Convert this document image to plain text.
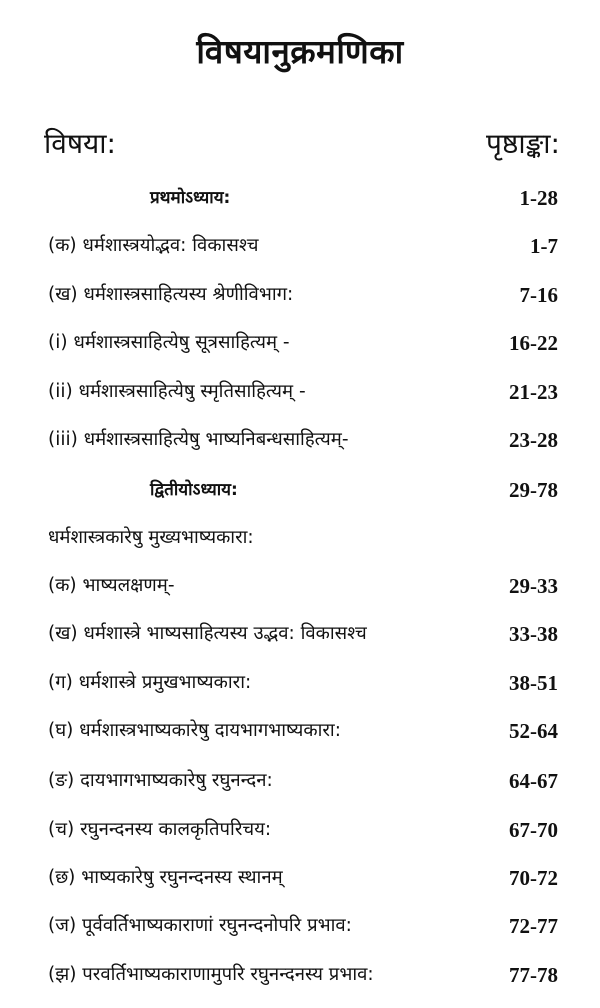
विषयानुक्रमणिका
विषया:	पृष्ठाङ्का:
प्रथमोऽध्याय:	1-28
(क) धर्मशास्त्रयोद्भव: विकासश्च	1-7
(ख) धर्मशास्त्रसाहित्यस्य श्रेणीविभाग:	7-16
(i) धर्मशास्त्रसाहित्येषु सूत्रसाहित्यम् -	16-22
(ii) धर्मशास्त्रसाहित्येषु स्मृतिसाहित्यम् -	21-23
(iii) धर्मशास्त्रसाहित्येषु भाष्यनिबन्धसाहित्यम्-	23-28
द्वितीयोऽध्याय:	29-78
धर्मशास्त्रकारेषु मुख्यभाष्यकारा:
(क) भाष्यलक्षणम्-	29-33
(ख) धर्मशास्त्रे भाष्यसाहित्यस्य उद्भव: विकासश्च	33-38
(ग) धर्मशास्त्रे प्रमुखभाष्यकारा:	38-51
(घ) धर्मशास्त्रभाष्यकारेषु दायभागभाष्यकारा:	52-64
(ङ) दायभागभाष्यकारेषु रघुनन्दन:	64-67
(च) रघुनन्दनस्य कालकृतिपरिचय:	67-70
(छ) भाष्यकारेषु रघुनन्दनस्य स्थानम्	70-72
(ज) पूर्ववर्तिभाष्यकाराणां रघुनन्दनोपरि प्रभाव:	72-77
(झ) परवर्तिभाष्यकाराणामुपरि रघुनन्दनस्य प्रभाव:	77-78
